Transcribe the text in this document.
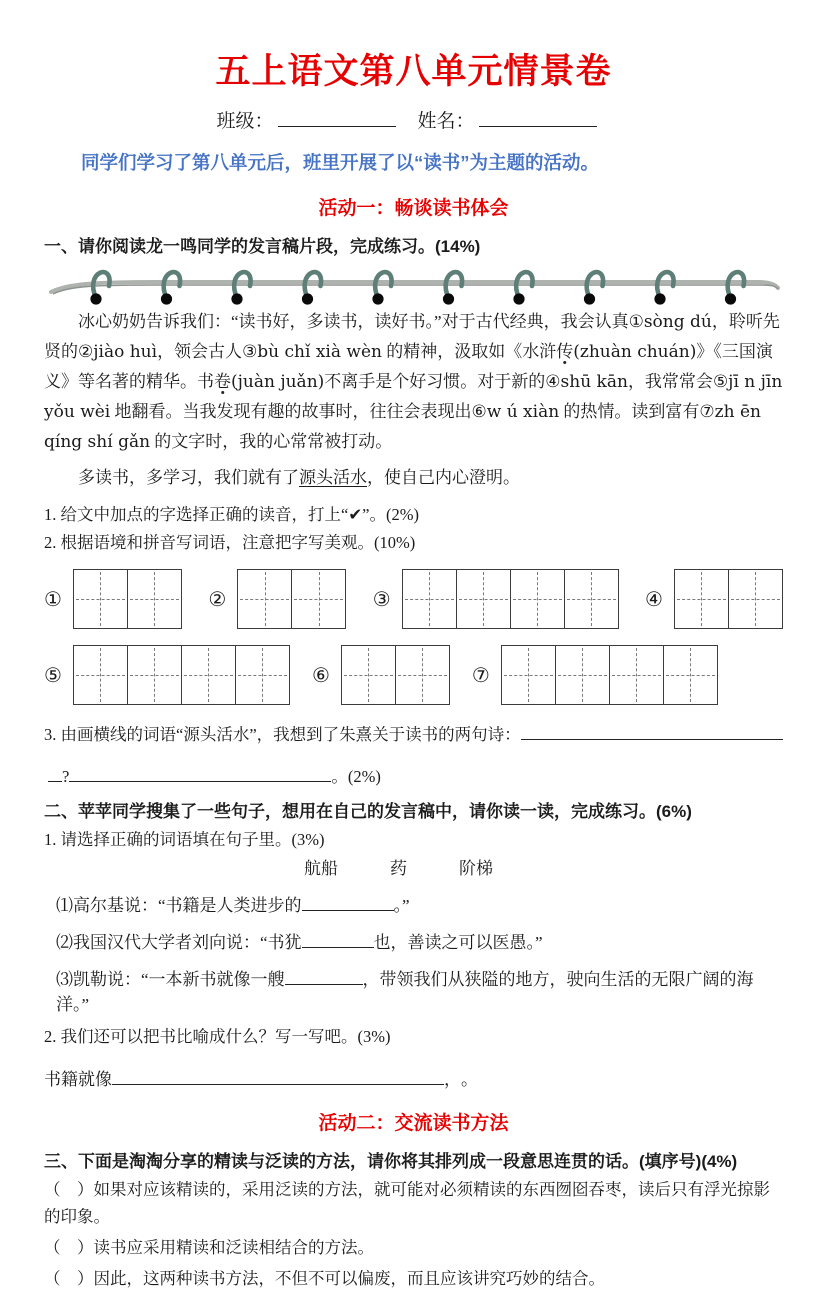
五上语文第八单元情景卷
班级：	姓名：

同学们学习了第八单元后，班里开展了以“读书”为主题的活动。

活动一：畅谈读书体会
一、请你阅读龙一鸣同学的发言稿片段，完成练习。(14%)

冰心奶奶告诉我们：“读书好，多读书，读好书。”对于古代经典，我会认真①sòng dú，聆听先贤的②jiào huì，领会古人③bù chǐ xià wèn 的精神，汲取如《水浒传(zhuàn chuán)》《三国演义》等名著的精华。书卷(juàn juǎn)不离手是个好习惯。对于新的④shū kān，我常常会⑤jī n jīn yǒu wèi 地翻看。当我发现有趣的故事时，往往会表现出⑥w ú xiàn 的热情。读到富有⑦zh ēn qíng shí gǎn 的文字时，我的心常常被打动。

多读书，多学习，我们就有了源头活水，使自己内心澄明。

1. 给文中加点的字选择正确的读音，打上“✔”。(2%)
2. 根据语境和拼音写词语，注意把字写美观。(10%)
①	②	③	④
⑤	⑥	⑦
3. 由画横线的词语“源头活水”，我想到了朱熹关于读书的两句诗：
?	。(2%)
二、苹苹同学搜集了一些句子，想用在自己的发言稿中，请你读一读，完成练习。(6%)
1. 请选择正确的词语填在句子里。(3%)
航船	药	阶梯
⑴高尔基说：“书籍是人类进步的	。”
⑵我国汉代大学者刘向说：“书犹	也，善读之可以医愚。”
⑶凯勒说：“一本新书就像一艘	，带领我们从狭隘的地方，驶向生活的无限广阔的海洋。”
2. 我们还可以把书比喻成什么？写一写吧。(3%)
书籍就像	， 。
活动二：交流读书方法
三、下面是淘淘分享的精读与泛读的方法，请你将其排列成一段意思连贯的话。(填序号)(4%)
（　）如果对应该精读的，采用泛读的方法，就可能对必须精读的东西囫囵吞枣，读后只有浮光掠影的印象。
（　）读书应采用精读和泛读相结合的方法。
（　）因此，这两种读书方法，不但不可以偏废，而且应该讲究巧妙的结合。
